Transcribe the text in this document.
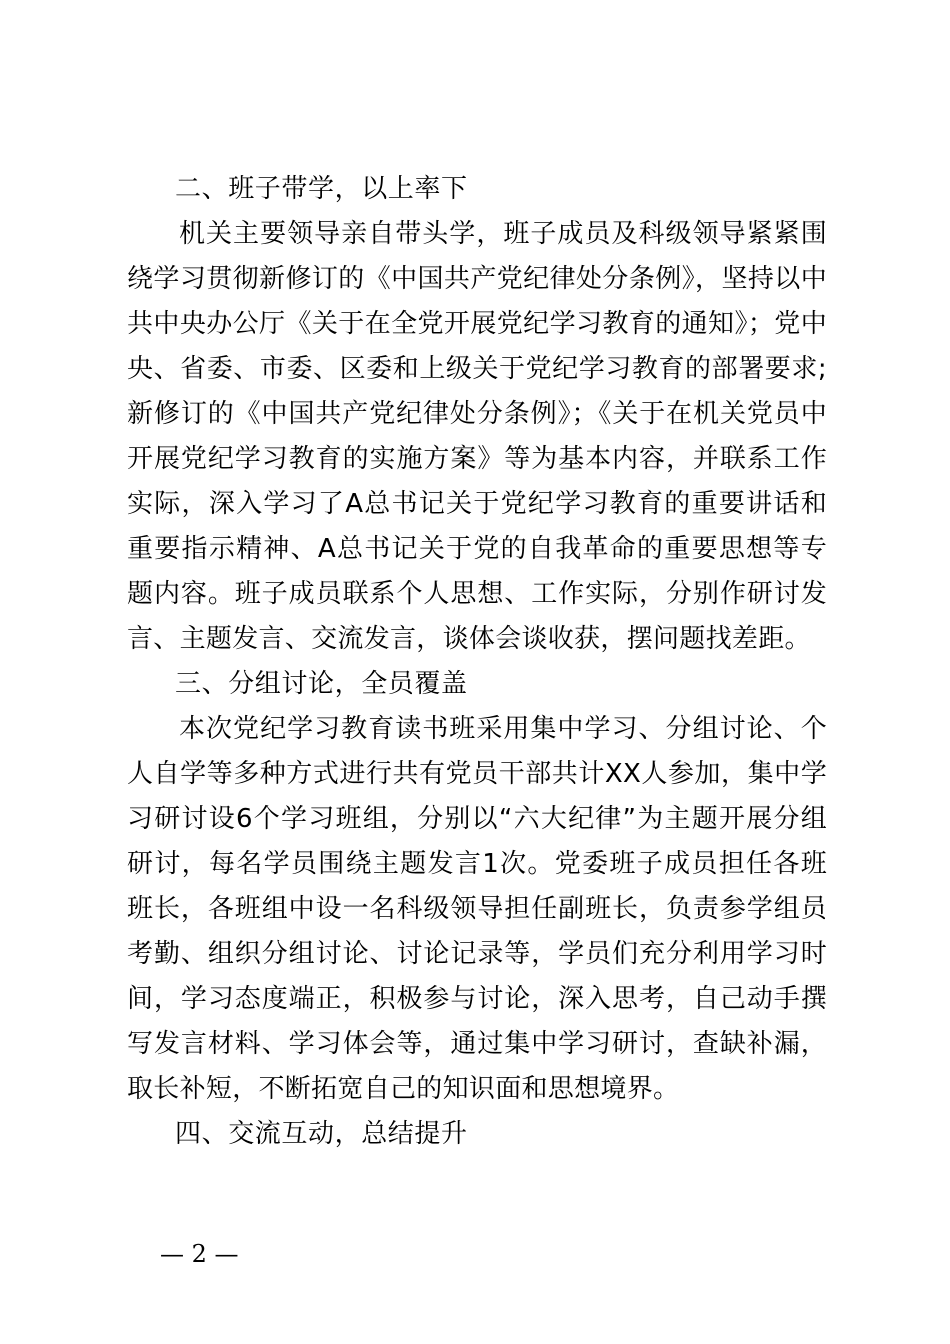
二、班子带学，以上率下

机关主要领导亲自带头学，班子成员及科级领导紧紧围绕学习贯彻新修订的《中国共产党纪律处分条例》，坚持以中共中央办公厅《关于在全党开展党纪学习教育的通知》；党中央、省委、市委、区委和上级关于党纪学习教育的部署要求;新修订的《中国共产党纪律处分条例》；《关于在机关党员中开展党纪学习教育的实施方案》等为基本内容，并联系工作实际，深入学习了A总书记关于党纪学习教育的重要讲话和重要指示精神、A总书记关于党的自我革命的重要思想等专题内容。班子成员联系个人思想、工作实际，分别作研讨发言、主题发言、交流发言，谈体会谈收获，摆问题找差距。

三、分组讨论，全员覆盖

本次党纪学习教育读书班采用集中学习、分组讨论、个人自学等多种方式进行共有党员干部共计XX人参加，集中学习研讨设6个学习班组，分别以“六大纪律”为主题开展分组研讨，每名学员围绕主题发言1次。党委班子成员担任各班班长，各班组中设一名科级领导担任副班长，负责参学组员考勤、组织分组讨论、讨论记录等，学员们充分利用学习时间，学习态度端正，积极参与讨论，深入思考，自己动手撰写发言材料、学习体会等，通过集中学习研讨，查缺补漏，取长补短，不断拓宽自己的知识面和思想境界。

四、交流互动，总结提升

— 2 —
